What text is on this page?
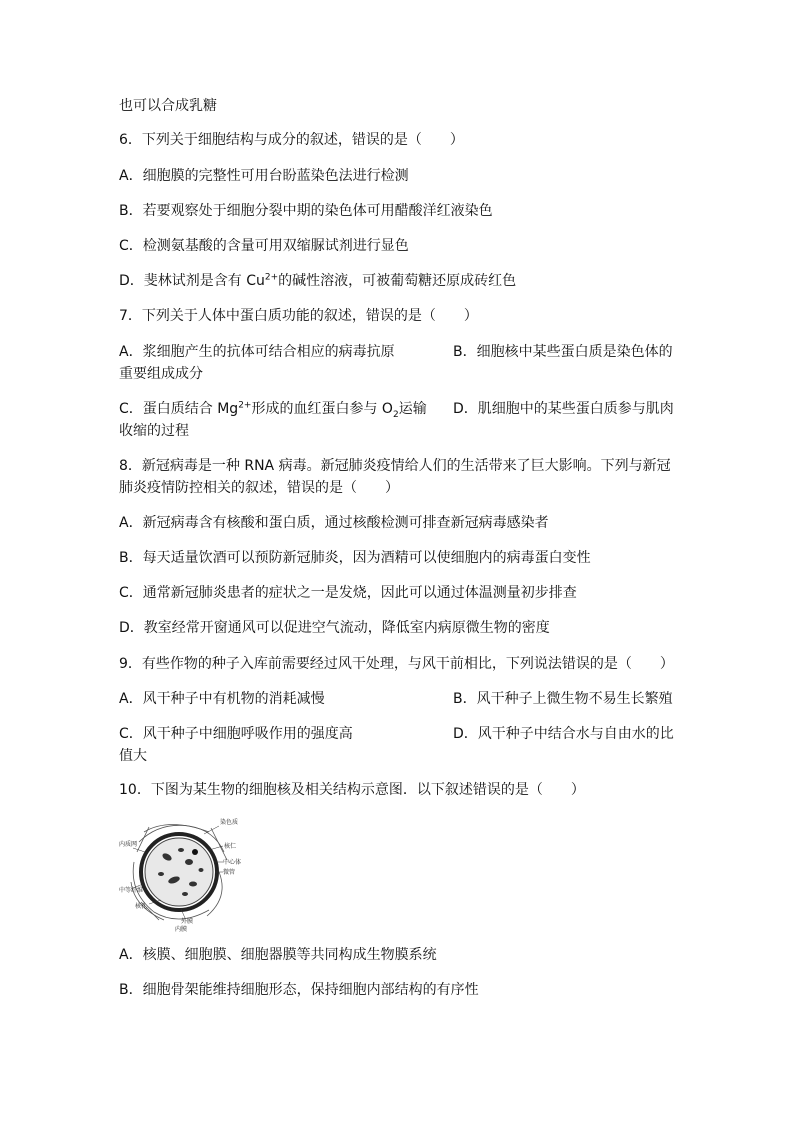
也可以合成乳糖
6．下列关于细胞结构与成分的叙述，错误的是（　　）
A．细胞膜的完整性可用台盼蓝染色法进行检测
B．若要观察处于细胞分裂中期的染色体可用醋酸洋红液染色
C．检测氨基酸的含量可用双缩脲试剂进行显色
D．斐林试剂是含有 $Cu^{2+}$的碱性溶液，可被葡萄糖还原成砖红色
7．下列关于人体中蛋白质功能的叙述，错误的是（　　）
A．浆细胞产生的抗体可结合相应的病毒抗原	B．细胞核中某些蛋白质是染色体的
重要组成成分
C．蛋白质结合 $Mg^{2+}$形成的血红蛋白参与 $O_2$运输 D．肌细胞中的某些蛋白质参与肌肉
收缩的过程
8．新冠病毒是一种 RNA 病毒。新冠肺炎疫情给人们的生活带来了巨大影响。下列与新冠
肺炎疫情防控相关的叙述，错误的是（　　）
A．新冠病毒含有核酸和蛋白质，通过核酸检测可排查新冠病毒感染者
B．每天适量饮酒可以预防新冠肺炎，因为酒精可以使细胞内的病毒蛋白变性
C．通常新冠肺炎患者的症状之一是发烧，因此可以通过体温测量初步排查
D．教室经常开窗通风可以促进空气流动，降低室内病原微生物的密度
9．有些作物的种子入库前需要经过风干处理，与风干前相比，下列说法错误的是（　　）
A．风干种子中有机物的消耗减慢	B．风干种子上微生物不易生长繁殖
C．风干种子中细胞呼吸作用的强度高	D．风干种子中结合水与自由水的比
值大
10．下图为某生物的细胞核及相关结构示意图．以下叙述错误的是（　　）
染色质
核仁
中心体
微管
内质网
中等纤维
核孔
外膜
内膜
A．核膜、细胞膜、细胞器膜等共同构成生物膜系统
B．细胞骨架能维持细胞形态，保持细胞内部结构的有序性
